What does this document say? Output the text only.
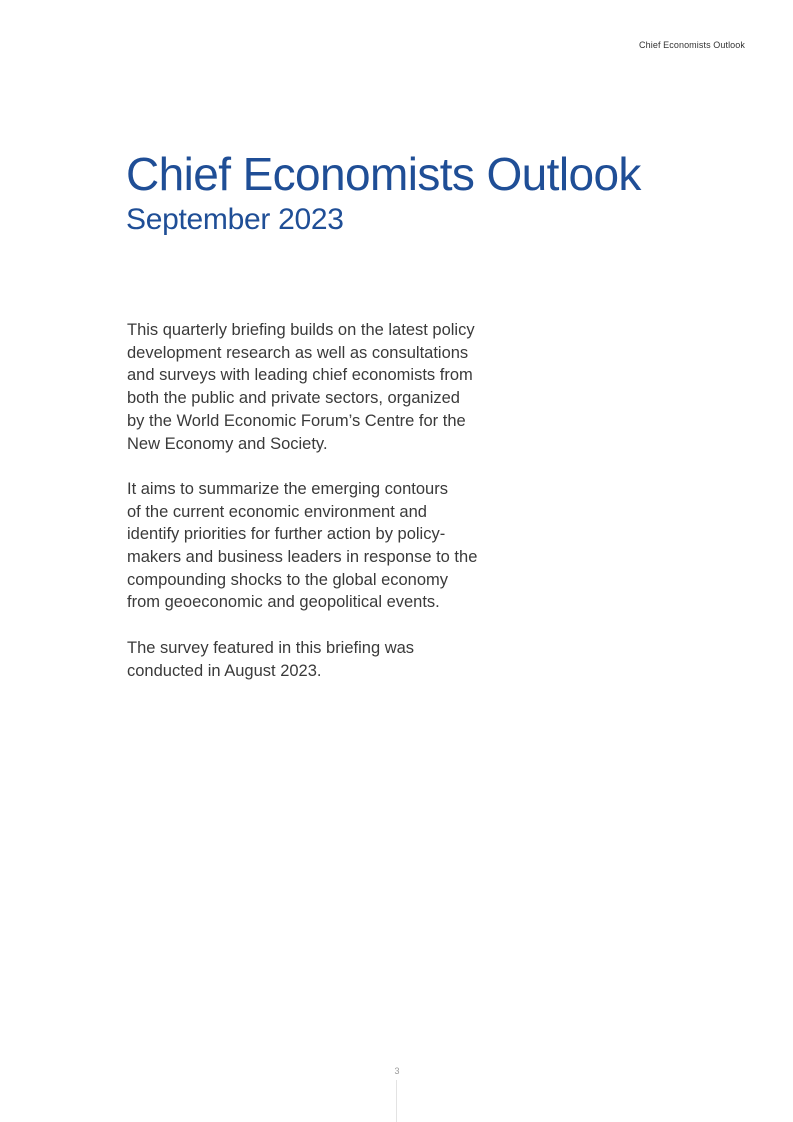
Chief Economists Outlook
Chief Economists Outlook
September 2023

This quarterly briefing builds on the latest policy
development research as well as consultations
and surveys with leading chief economists from
both the public and private sectors, organized
by the World Economic Forum’s Centre for the
New Economy and Society.

It aims to summarize the emerging contours
of the current economic environment and
identify priorities for further action by policy-
makers and business leaders in response to the
compounding shocks to the global economy
from geoeconomic and geopolitical events.

The survey featured in this briefing was
conducted in August 2023.

3
